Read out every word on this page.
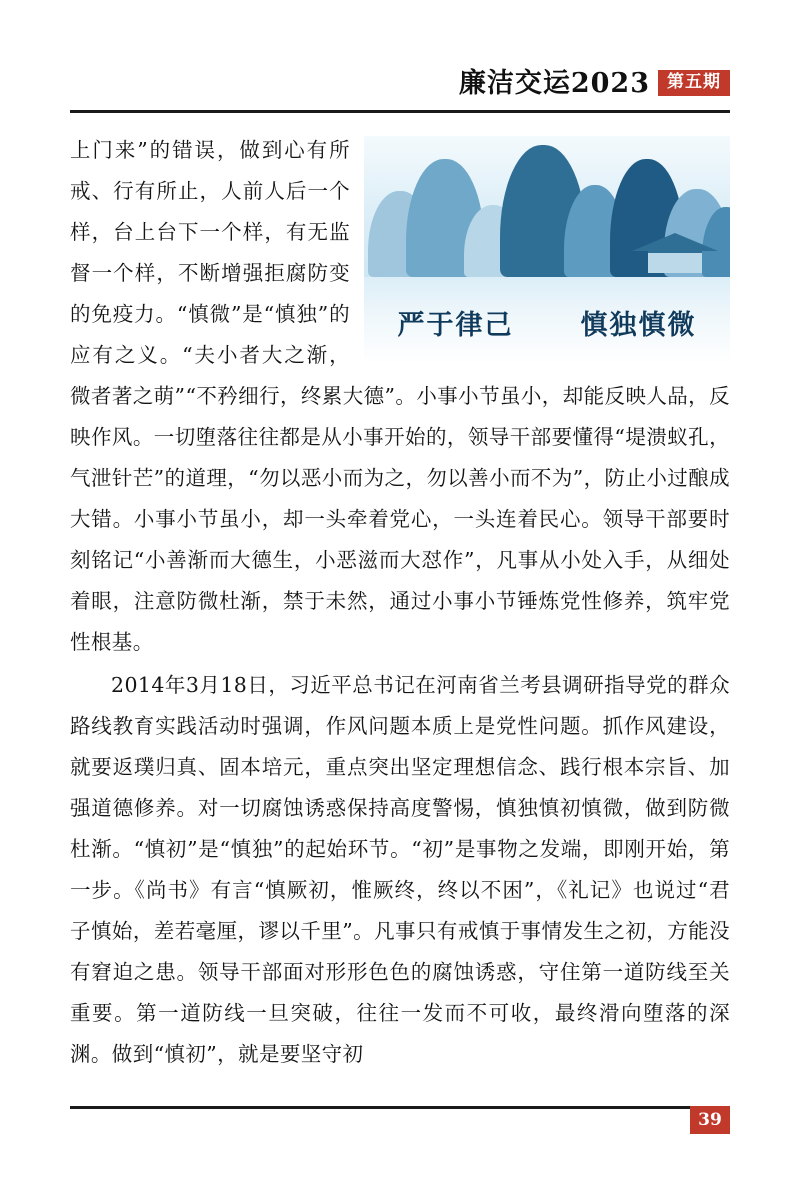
廉洁交运2023	第五期
严于律己 慎独慎微

上门来”的错误，做到心有所戒、行有所止，人前人后一个样，台上台下一个样，有无监督一个样，不断增强拒腐防变的免疫力。“慎微”是“慎独”的应有之义。“夫小者大之渐，微者著之萌”“不矜细行，终累大德”。小事小节虽小，却能反映人品，反映作风。一切堕落往往都是从小事开始的，领导干部要懂得“堤溃蚁孔，气泄针芒”的道理，“勿以恶小而为之，勿以善小而不为”，防止小过酿成大错。小事小节虽小，却一头牵着党心，一头连着民心。领导干部要时刻铭记“小善渐而大德生，小恶滋而大怼作”，凡事从小处入手，从细处着眼，注意防微杜渐，禁于未然，通过小事小节锤炼党性修养，筑牢党性根基。

2014年3月18日，习近平总书记在河南省兰考县调研指导党的群众路线教育实践活动时强调，作风问题本质上是党性问题。抓作风建设，就要返璞归真、固本培元，重点突出坚定理想信念、践行根本宗旨、加强道德修养。对一切腐蚀诱惑保持高度警惕，慎独慎初慎微，做到防微杜渐。“慎初”是“慎独”的起始环节。“初”是事物之发端，即刚开始，第一步。《尚书》有言“慎厥初，惟厥终，终以不困”，《礼记》也说过“君子慎始，差若毫厘，谬以千里”。凡事只有戒慎于事情发生之初，方能没有窘迫之患。领导干部面对形形色色的腐蚀诱惑，守住第一道防线至关重要。第一道防线一旦突破，往往一发而不可收，最终滑向堕落的深渊。做到“慎初”，就是要坚守初

39
